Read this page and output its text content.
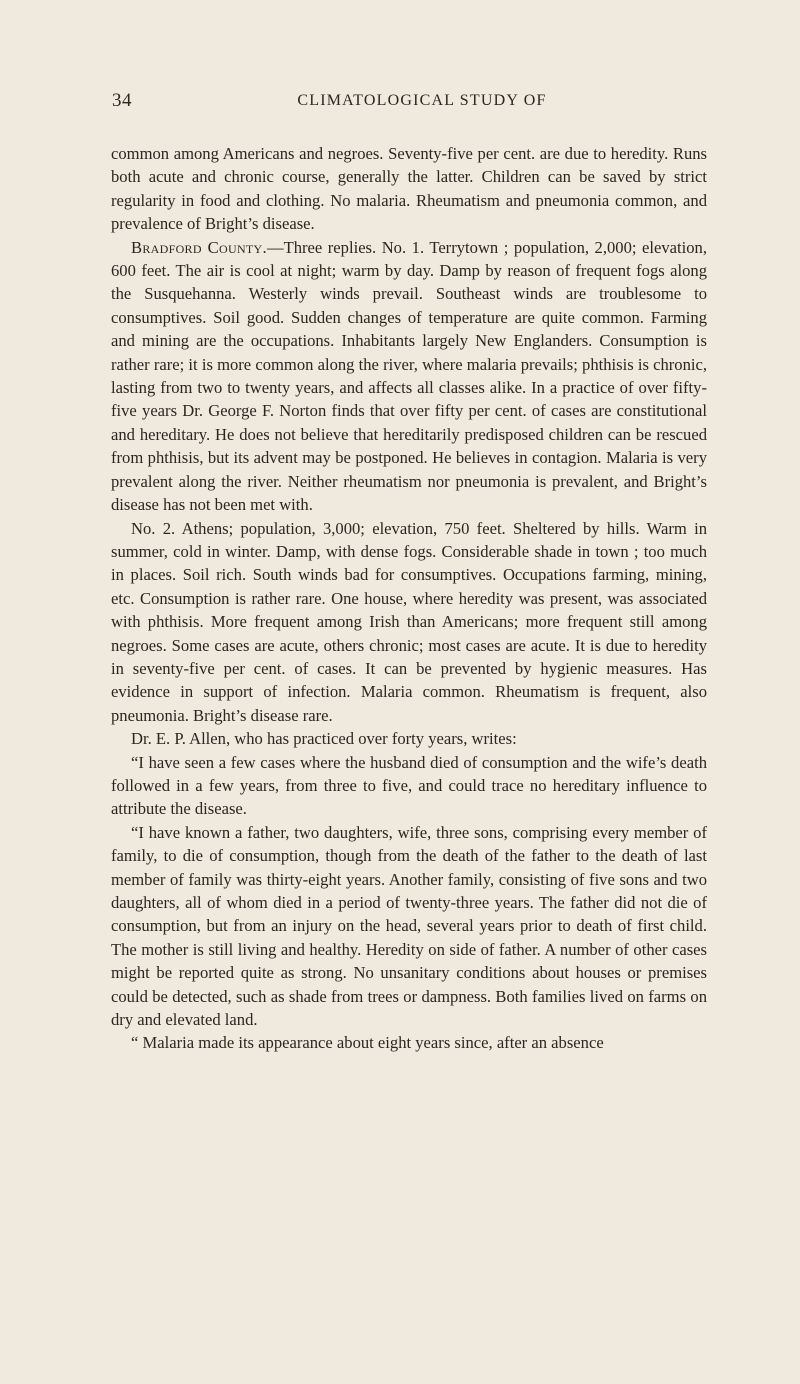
34	CLIMATOLOGICAL STUDY OF

common among Americans and negroes. Seventy-five per cent. are due to heredity. Runs both acute and chronic course, generally the latter. Children can be saved by strict regularity in food and clothing. No malaria. Rheumatism and pneumonia common, and prevalence of Bright’s disease.

Bradford County.—Three replies. No. 1. Terrytown ; population, 2,000; elevation, 600 feet. The air is cool at night; warm by day. Damp by reason of frequent fogs along the Susquehanna. Westerly winds prevail. Southeast winds are troublesome to consumptives. Soil good. Sudden changes of temperature are quite common. Farming and mining are the occupations. Inhabitants largely New Englanders. Consumption is rather rare; it is more common along the river, where malaria prevails; phthisis is chronic, lasting from two to twenty years, and affects all classes alike. In a practice of over fifty-five years Dr. George F. Norton finds that over fifty per cent. of cases are constitutional and hereditary. He does not believe that hereditarily predisposed children can be rescued from phthisis, but its advent may be postponed. He believes in contagion. Malaria is very prevalent along the river. Neither rheumatism nor pneumonia is prevalent, and Bright’s disease has not been met with.

No. 2. Athens; population, 3,000; elevation, 750 feet. Sheltered by hills. Warm in summer, cold in winter. Damp, with dense fogs. Considerable shade in town ; too much in places. Soil rich. South winds bad for consumptives. Occupations farming, mining, etc. Consumption is rather rare. One house, where heredity was present, was associated with phthisis. More frequent among Irish than Americans; more frequent still among negroes. Some cases are acute, others chronic; most cases are acute. It is due to heredity in seventy-five per cent. of cases. It can be prevented by hygienic measures. Has evidence in support of infection. Malaria common. Rheumatism is frequent, also pneumonia. Bright’s disease rare.

Dr. E. P. Allen, who has practiced over forty years, writes:

“I have seen a few cases where the husband died of consumption and the wife’s death followed in a few years, from three to five, and could trace no hereditary influence to attribute the disease.

“I have known a father, two daughters, wife, three sons, comprising every member of family, to die of consumption, though from the death of the father to the death of last member of family was thirty-eight years. Another family, consisting of five sons and two daughters, all of whom died in a period of twenty-three years. The father did not die of consumption, but from an injury on the head, several years prior to death of first child. The mother is still living and healthy. Heredity on side of father. A number of other cases might be reported quite as strong. No unsanitary conditions about houses or premises could be detected, such as shade from trees or dampness. Both families lived on farms on dry and elevated land.

“ Malaria made its appearance about eight years since, after an absence
